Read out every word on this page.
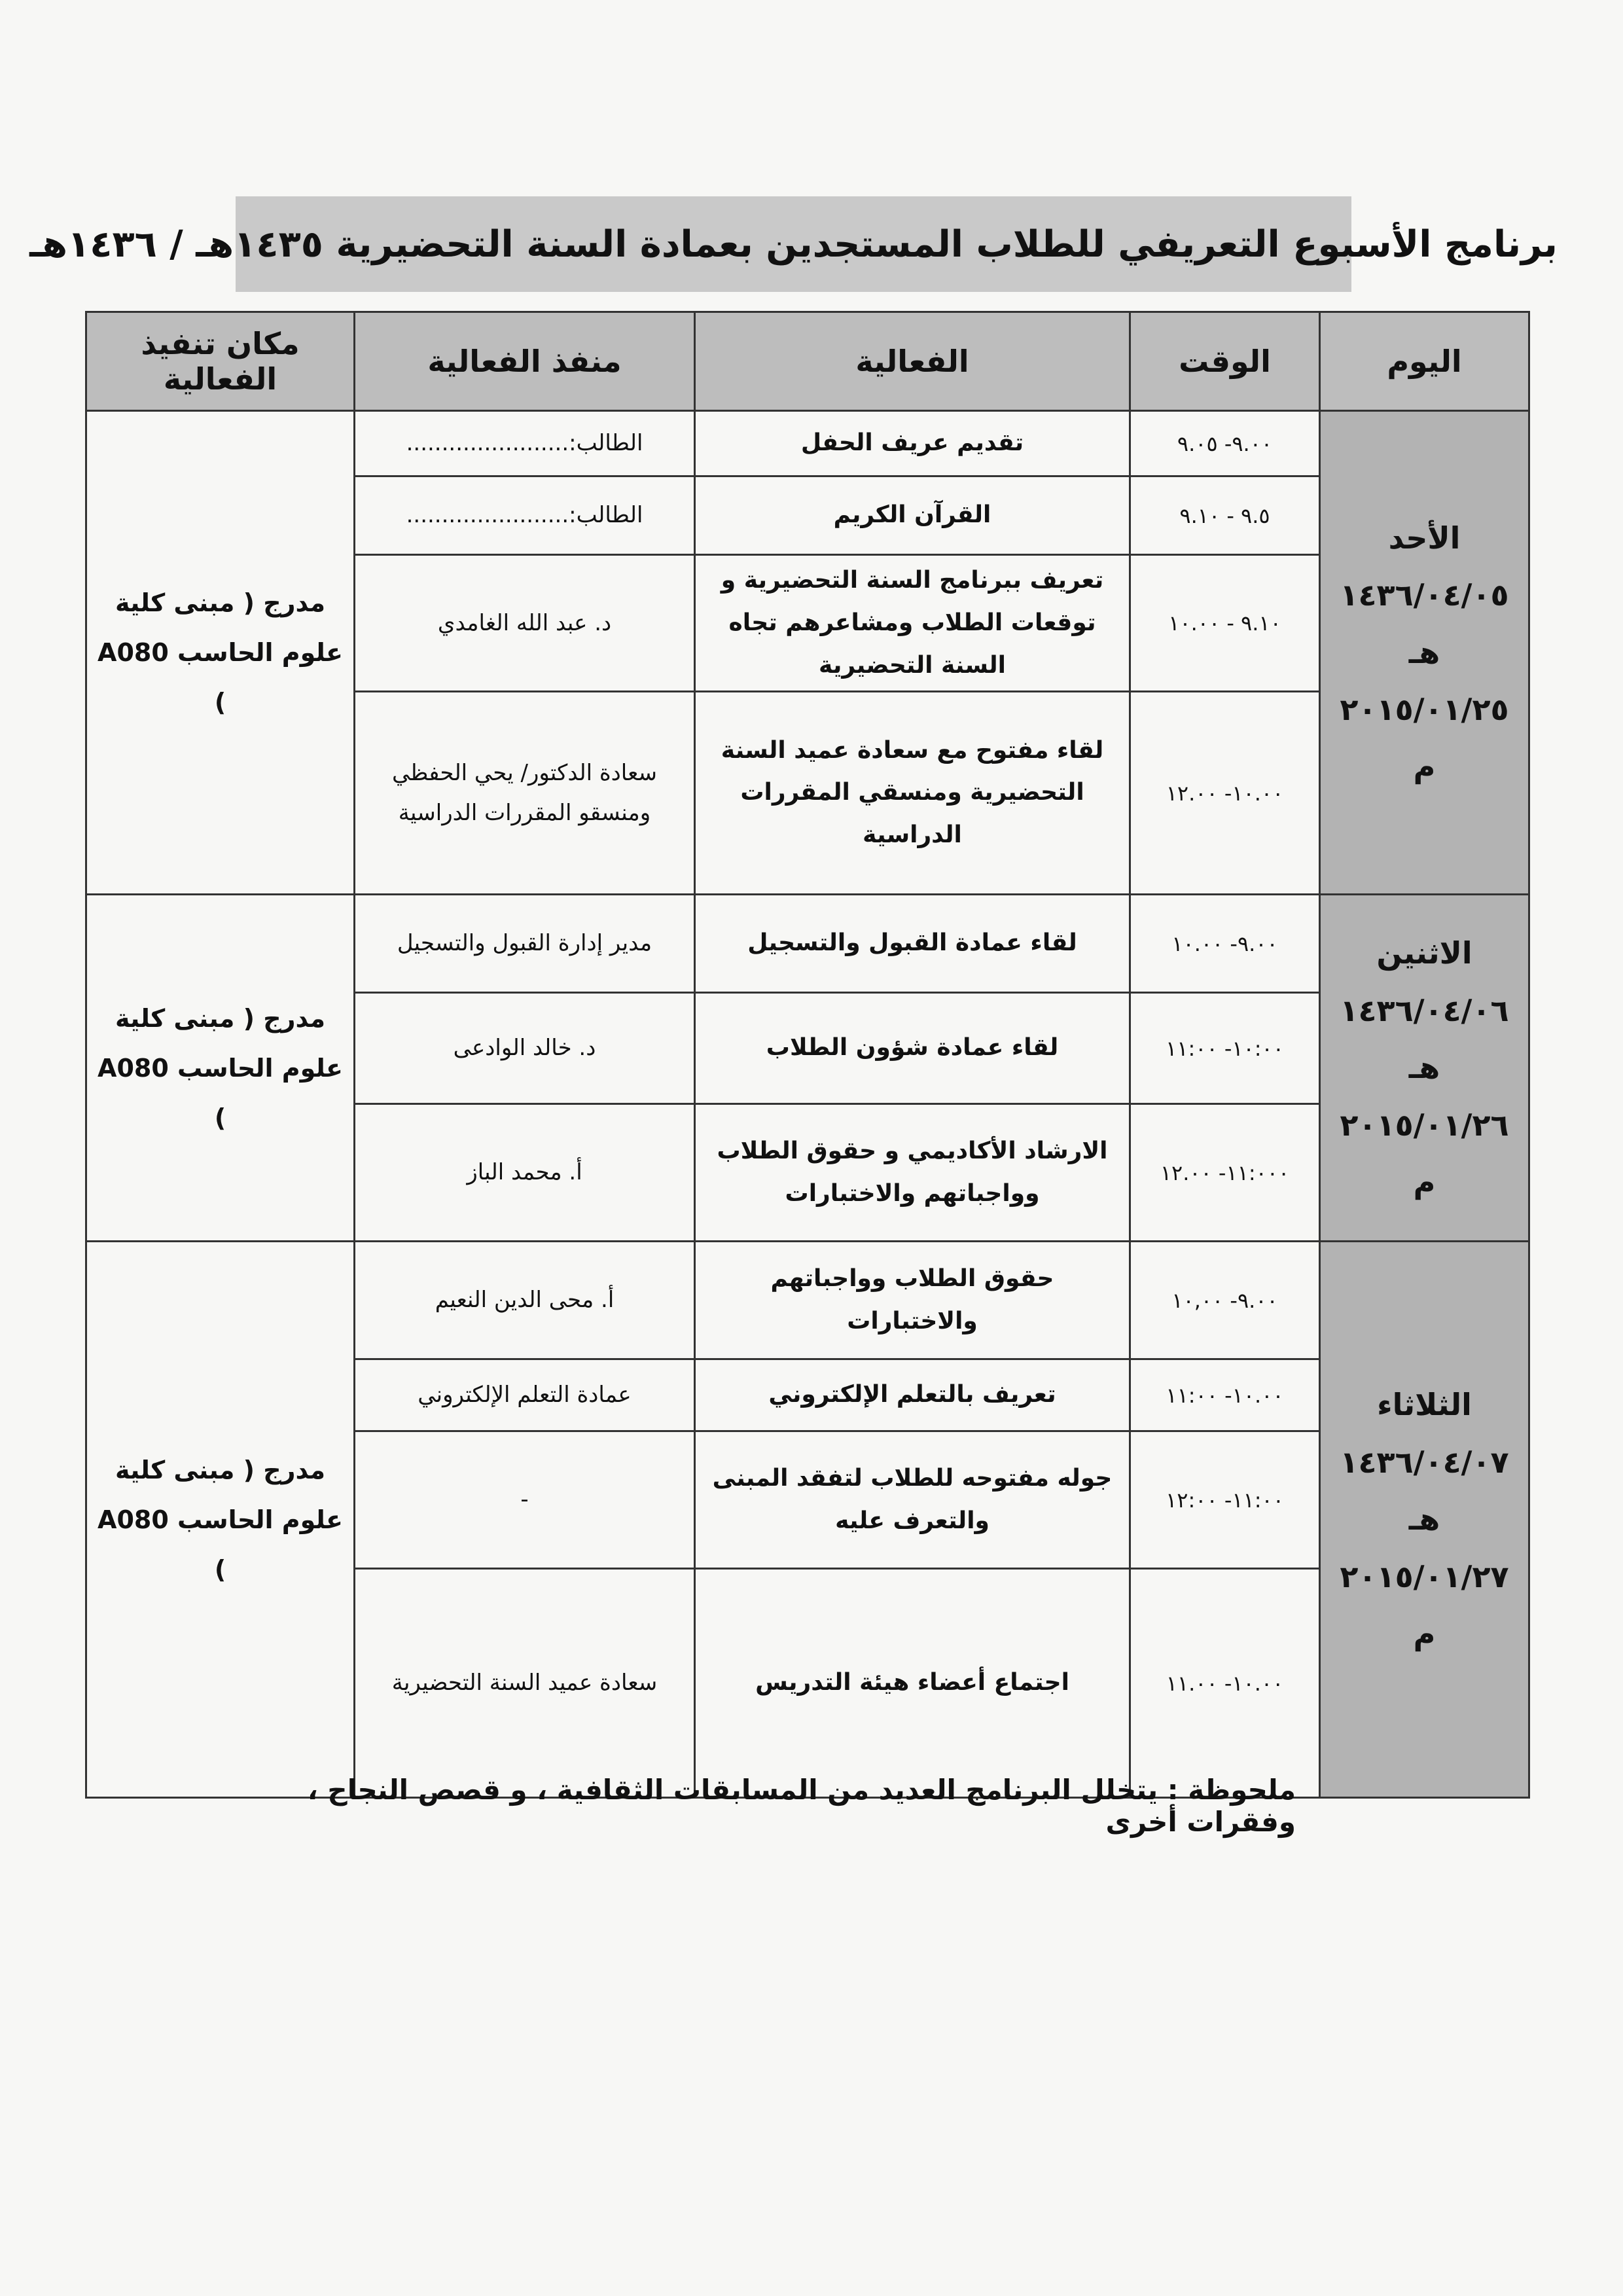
برنامج الأسبوع التعريفي للطلاب المستجدين بعمادة السنة التحضيرية ١٤٣٥هـ / ١٤٣٦هـ
اليوم	الوقت	الفعالية	منفذ الفعالية	مكان تنفيذ الفعالية

الأحد
١٤٣٦/٠٤/٠٥ هـ
٢٠١٥/٠١/٢٥ م	٩.٠٠- ٩.٠٥	تقديم عريف الحفل	الطالب:.......................	مدرج ( مبنى كلية علوم الحاسب A080 )
	٩.٥ - ٩.١٠	القرآن الكريم	الطالب:.......................	
	٩.١٠ - ١٠.٠٠	تعريف ببرنامج السنة التحضيرية و توقعات الطلاب ومشاعرهم تجاه السنة التحضيرية	د. عبد الله الغامدي	
	١٠.٠٠- ١٢.٠٠	لقاء مفتوح مع سعادة عميد السنة التحضيرية ومنسقي المقررات الدراسية	سعادة الدكتور/ يحي الحفظي ومنسقو المقررات الدراسية	

الاثنين
١٤٣٦/٠٤/٠٦ هـ
٢٠١٥/٠١/٢٦ م	٩.٠٠- ١٠.٠٠	لقاء عمادة القبول والتسجيل	مدير إدارة القبول والتسجيل	مدرج ( مبنى كلية علوم الحاسب A080 )
	١٠:٠٠- ١١:٠٠	لقاء عمادة شؤون الطلاب	د. خالد الوادعى	
	١١:٠٠٠- ١٢.٠٠	الارشاد الأكاديمي و حقوق الطلاب وواجباتهم والاختبارات	أ. محمد الباز	

الثلاثاء
١٤٣٦/٠٤/٠٧ هـ
٢٠١٥/٠١/٢٧ م	٩.٠٠- ١٠,٠٠	حقوق الطلاب وواجباتهم والاختبارات	أ. محى الدين النعيم	مدرج ( مبنى كلية علوم الحاسب A080 )
	١٠.٠٠- ١١:٠٠	تعريف بالتعلم الإلكتروني	عمادة التعلم الإلكتروني	
	١١:٠٠- ١٢:٠٠	جوله مفتوحه للطلاب لتفقد المبنى والتعرف عليه	-	
	١٠.٠٠- ١١.٠٠	اجتماع أعضاء هيئة التدريس	سعادة عميد السنة التحضيرية	
ملحوظة : يتخلل البرنامج العديد من المسابقات الثقافية ، و قصص النجاح ، وفقرات أخرى
